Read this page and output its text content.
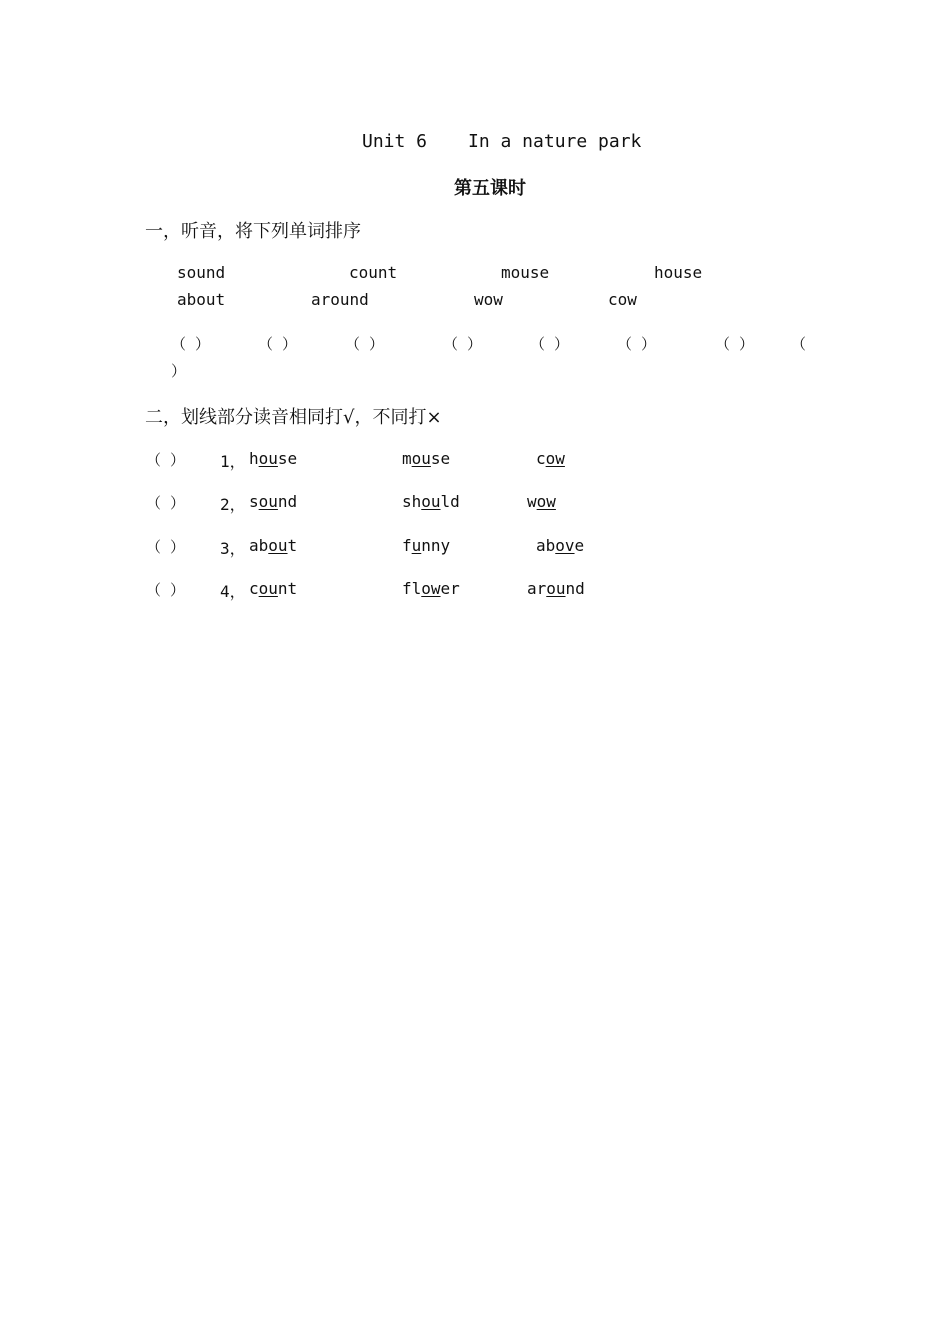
Unit 6 In a nature park
第五课时
一，听音，将下列单词排序
sound	count	mouse	house
about	around	wow	cow
（ ）	（ ）	（ ）	（ ）	（ ）	（ ）	（ ） （
）
二，划线部分读音相同打√，不同打×
（ ） 1， house	mouse	cow
（ ） 2， sound	should	wow
（ ） 3， about	funny	above
（ ） 4， count	flower	around
